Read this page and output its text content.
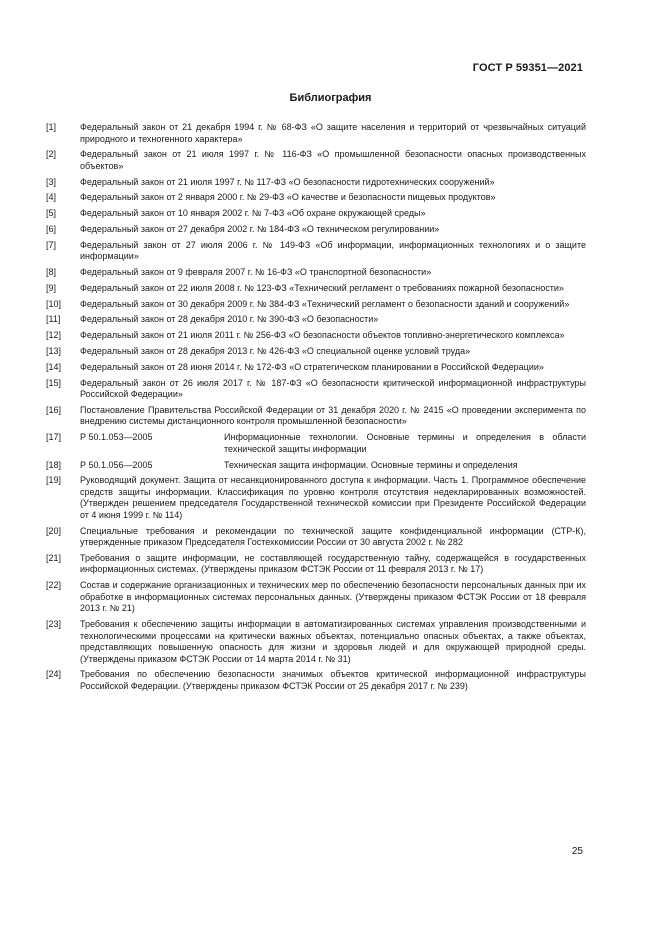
ГОСТ Р 59351—2021
Библиография
[1]	Федеральный закон от 21 декабря 1994 г. № 68-ФЗ «О защите населения и территорий от чрезвычайных ситуаций природного и техногенного характера»
[2]	Федеральный закон от 21 июля 1997 г. № 116-ФЗ «О промышленной безопасности опасных производственных объектов»
[3]	Федеральный закон от 21 июля 1997 г. № 117-ФЗ «О безопасности гидротехнических сооружений»
[4]	Федеральный закон от 2 января 2000 г. № 29-ФЗ «О качестве и безопасности пищевых продуктов»
[5]	Федеральный закон от 10 января 2002 г. № 7-ФЗ «Об охране окружающей среды»
[6]	Федеральный закон от 27 декабря 2002 г. № 184-ФЗ «О техническом регулировании»
[7]	Федеральный закон от 27 июля 2006 г. № 149-ФЗ «Об информации, информационных технологиях и о защите информации»
[8]	Федеральный закон от 9 февраля 2007 г. № 16-ФЗ «О транспортной безопасности»
[9]	Федеральный закон от 22 июля 2008 г. № 123-ФЗ «Технический регламент о требованиях пожарной безопасности»
[10]	Федеральный закон от 30 декабря 2009 г. № 384-ФЗ «Технический регламент о безопасности зданий и сооружений»
[11]	Федеральный закон от 28 декабря 2010 г. № 390-ФЗ «О безопасности»
[12]	Федеральный закон от 21 июля 2011 г. № 256-ФЗ «О безопасности объектов топливно-энергетического комплекса»
[13]	Федеральный закон от 28 декабря 2013 г. № 426-ФЗ «О специальной оценке условий труда»
[14]	Федеральный закон от 28 июня 2014 г. № 172-ФЗ «О стратегическом планировании в Российской Федерации»
[15]	Федеральный закон от 26 июля 2017 г. № 187-ФЗ «О безопасности критической информационной инфраструктуры Российской Федерации»
[16]	Постановление Правительства Российской Федерации от 31 декабря 2020 г. № 2415 «О проведении эксперимента по внедрению системы дистанционного контроля промышленной безопасности»
[17]	Р 50.1.053—2005	Информационные технологии. Основные термины и определения в области технической защиты информации
[18]	Р 50.1.056—2005	Техническая защита информации. Основные термины и определения
[19]	Руководящий документ. Защита от несанкционированного доступа к информации. Часть 1. Программное обеспечение средств защиты информации. Классификация по уровню контроля отсутствия недекларированных возможностей. (Утвержден решением председателя Государственной технической комиссии при Президенте Российской Федерации от 4 июня 1999 г. № 114)
[20]	Специальные требования и рекомендации по технической защите конфиденциальной информации (СТР-К), утвержденные приказом Председателя Гостехкомиссии России от 30 августа 2002 г. № 282
[21]	Требования о защите информации, не составляющей государственную тайну, содержащейся в государственных информационных системах. (Утверждены приказом ФСТЭК России от 11 февраля 2013 г. № 17)
[22]	Состав и содержание организационных и технических мер по обеспечению безопасности персональных данных при их обработке в информационных системах персональных данных. (Утверждены приказом ФСТЭК России от 18 февраля 2013 г. № 21)
[23]	Требования к обеспечению защиты информации в автоматизированных системах управления производственными и технологическими процессами на критически важных объектах, потенциально опасных объектах, а также объектах, представляющих повышенную опасность для жизни и здоровья людей и для окружающей природной среды. (Утверждены приказом ФСТЭК России от 14 марта 2014 г. № 31)
[24]	Требования по обеспечению безопасности значимых объектов критической информационной инфраструктуры Российской Федерации. (Утверждены приказом ФСТЭК России от 25 декабря 2017 г. № 239)
25
